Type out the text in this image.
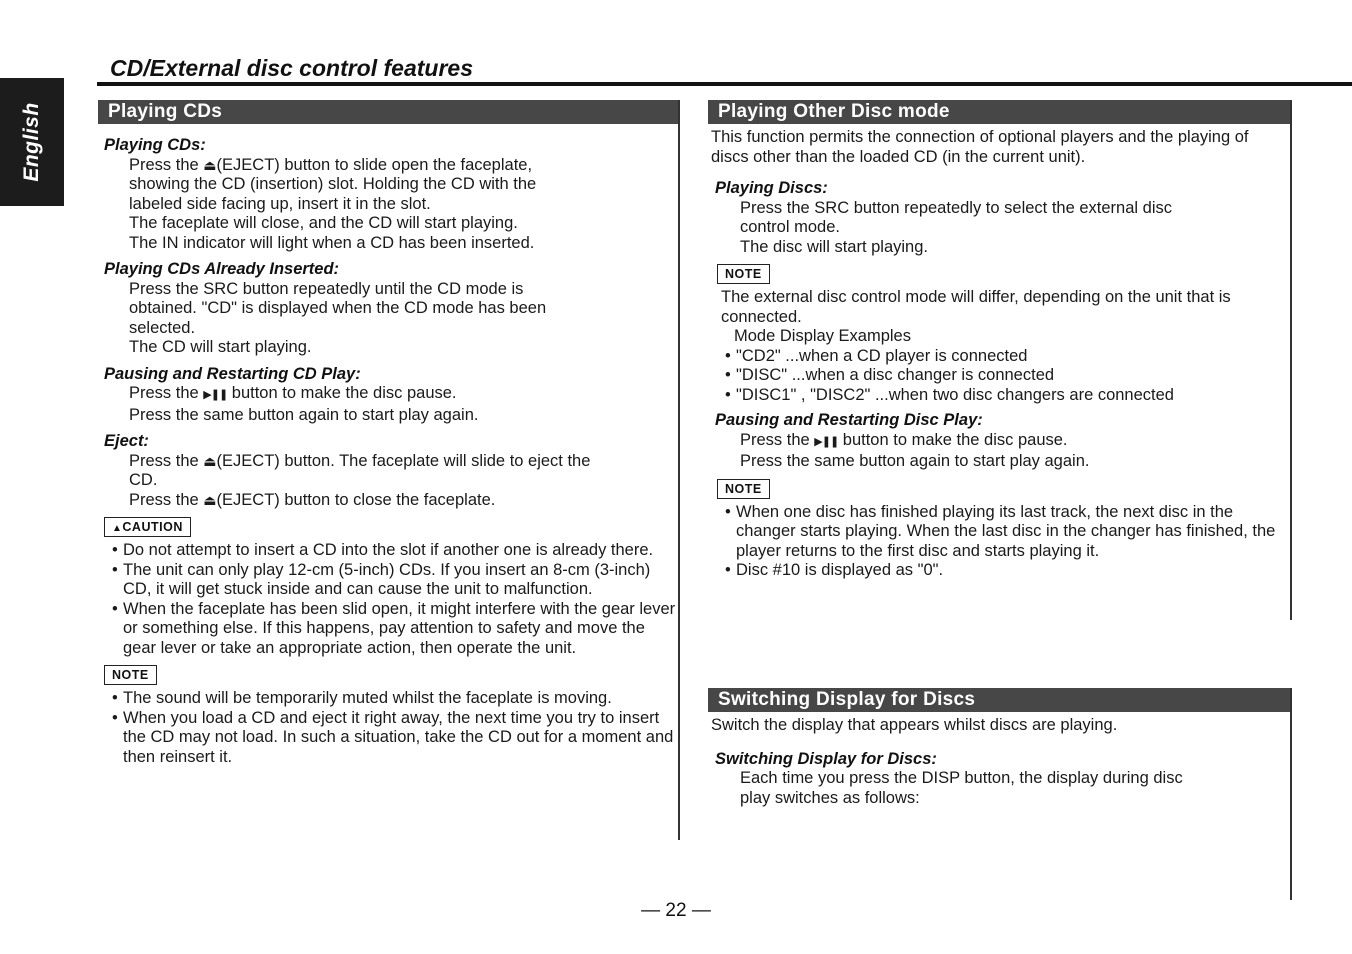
English
CD/External disc control features
Playing CDs
Playing CDs:
Press the ⏏(EJECT) button to slide open the faceplate,
showing the CD (insertion) slot. Holding the CD with the
labeled side facing up, insert it in the slot.
The faceplate will close, and the CD will start playing.
The IN indicator will light when a CD has been inserted.
Playing CDs Already Inserted:
Press the SRC button repeatedly until the CD mode is
obtained. "CD" is displayed when the CD mode has been
selected.
The CD will start playing.
Pausing and Restarting CD Play:
Press the ▶❚❚ button to make the disc pause.
Press the same button again to start play again.
Eject:
Press the ⏏(EJECT) button. The faceplate will slide to eject the
CD.
Press the ⏏(EJECT) button to close the faceplate.
▲CAUTION
• Do not attempt to insert a CD into the slot if another one is already there.
• The unit can only play 12-cm (5-inch) CDs. If you insert an 8-cm (3-inch) CD, it will get stuck inside and can cause the unit to malfunction.
• When the faceplate has been slid open, it might interfere with the gear lever or something else. If this happens, pay attention to safety and move the gear lever or take an appropriate action, then operate the unit.
NOTE
• The sound will be temporarily muted whilst the faceplate is moving.
• When you load a CD and eject it right away, the next time you try to insert the CD may not load. In such a situation, take the CD out for a moment and then reinsert it.
Playing Other Disc mode
This function permits the connection of optional players and the playing of discs other than the loaded CD (in the current unit).
Playing Discs:
Press the SRC button repeatedly to select the external disc
control mode.
The disc will start playing.
NOTE
The external disc control mode will differ, depending on the unit that is connected.
Mode Display Examples
• "CD2" ...when a CD player is connected
• "DISC" ...when a disc changer is connected
• "DISC1" , "DISC2" ...when two disc changers are connected
Pausing and Restarting Disc Play:
Press the ▶❚❚ button to make the disc pause.
Press the same button again to start play again.
NOTE
• When one disc has finished playing its last track, the next disc in the changer starts playing. When the last disc in the changer has finished, the player returns to the first disc and starts playing it.
• Disc #10 is displayed as "0".
Switching Display for Discs
Switch the display that appears whilst discs are playing.
Switching Display for Discs:
Each time you press the DISP button, the display during disc
play switches as follows:
— 22 —
